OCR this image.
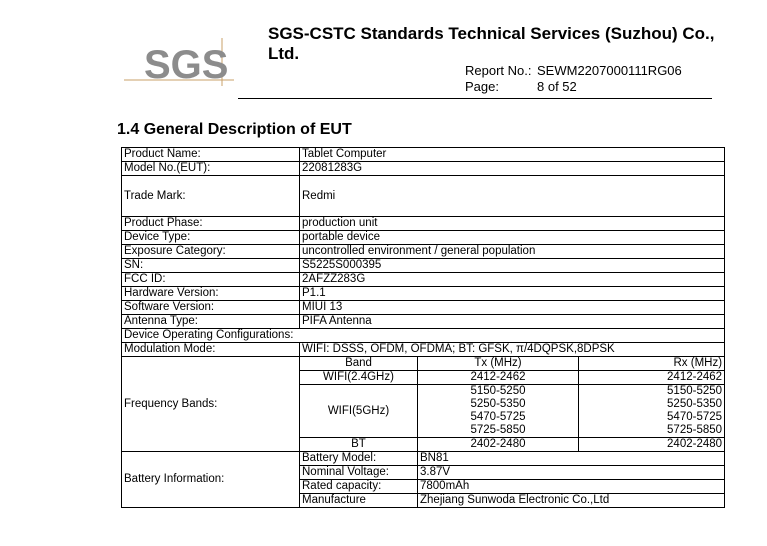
SGS
SGS-CSTC Standards Technical Services (Suzhou) Co., Ltd.
Report No.: SEWM2207000111RG06
Page:	8 of 52
1.4 General Description of EUT
Product Name:	Tablet Computer		
Model No.(EUT):	22081283G		
Trade Mark:	Redmi		
Product Phase:	production unit		
Device Type:	portable device		
Exposure Category:	uncontrolled environment / general population		
SN:	S5225S000395		
FCC ID:	2AFZZ283G		
Hardware Version:	P1.1		
Software Version:	MIUI 13		
Antenna Type:	PIFA Antenna		
Device Operating Configurations:			
Modulation Mode:	WIFI: DSSS, OFDM, OFDMA; BT: GFSK, π/4DQPSK,8DPSK		
Frequency Bands:	Band	Tx (MHz)	Rx (MHz)
	WIFI(2.4GHz)	2412-2462	2412-2462
	WIFI(5GHz)	5150-5250	5150-5250
		5250-5350	5250-5350
		5470-5725	5470-5725
		5725-5850	5725-5850
	BT	2402-2480	2402-2480
Battery Information:	Battery Model:	BN81	
	Nominal Voltage:	3.87V	
	Rated capacity:	7800mAh	
	Manufacture	Zhejiang Sunwoda Electronic Co.,Ltd	
